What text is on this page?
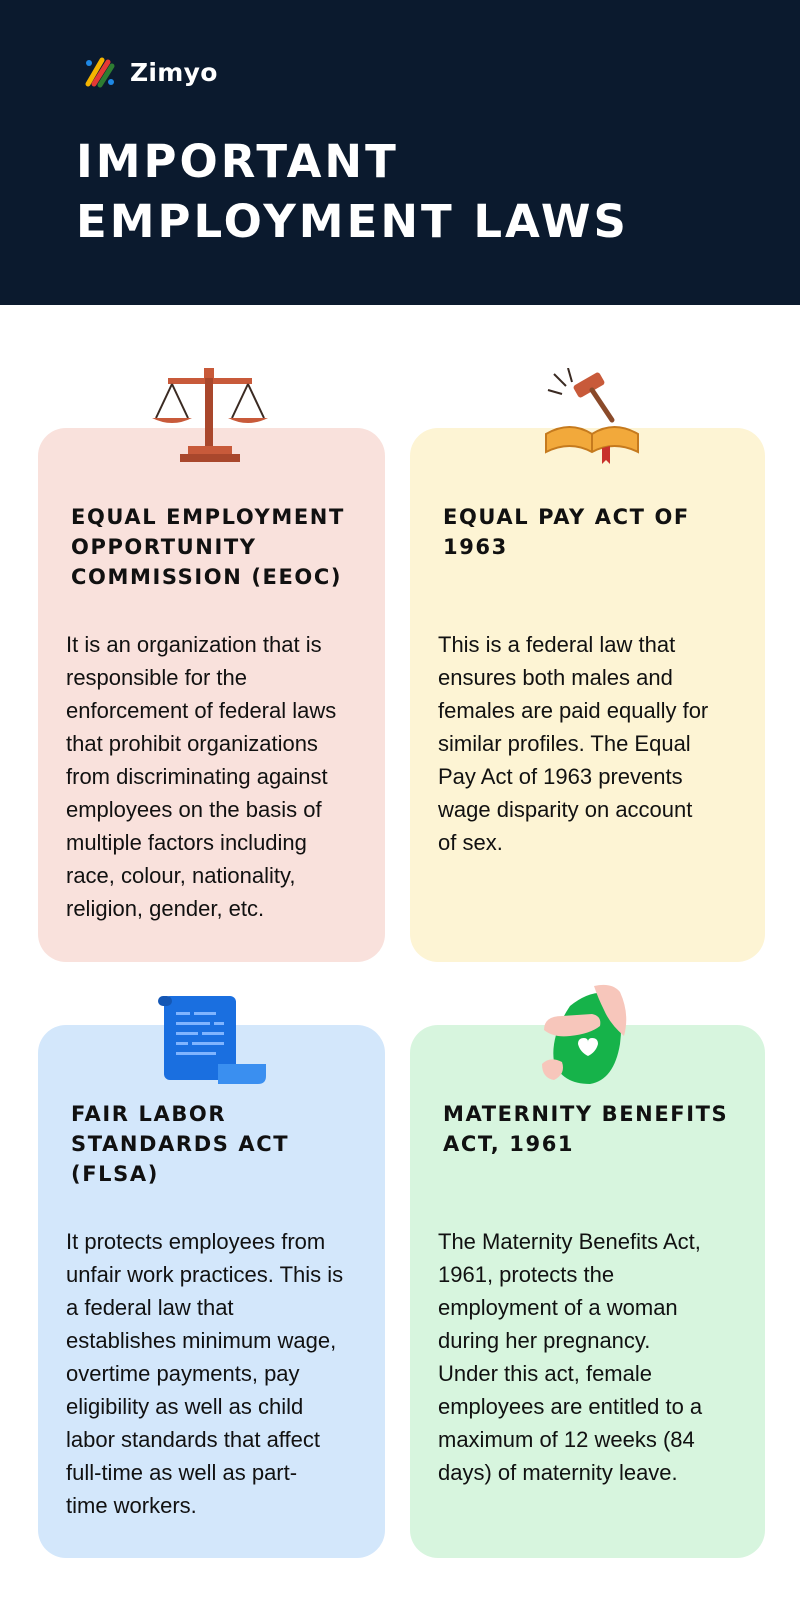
Zimyo
IMPORTANT
EMPLOYMENT LAWS
EQUAL EMPLOYMENT
OPPORTUNITY
COMMISSION (EEOC)
It is an organization that is
responsible for the
enforcement of federal laws
that prohibit organizations
from discriminating against
employees on the basis of
multiple factors including
race, colour, nationality,
religion, gender, etc.
EQUAL PAY ACT OF
1963
This is a federal law that
ensures both males and
females are paid equally for
similar profiles. The Equal
Pay Act of 1963 prevents
wage disparity on account
of sex.
FAIR LABOR
STANDARDS ACT
(FLSA)
It protects employees from
unfair work practices. This is
a federal law that
establishes minimum wage,
overtime payments, pay
eligibility as well as child
labor standards that affect
full-time as well as part-
time workers.
MATERNITY BENEFITS
ACT, 1961
The Maternity Benefits Act,
1961, protects the
employment of a woman
during her pregnancy.
Under this act, female
employees are entitled to a
maximum of 12 weeks (84
days) of maternity leave.
